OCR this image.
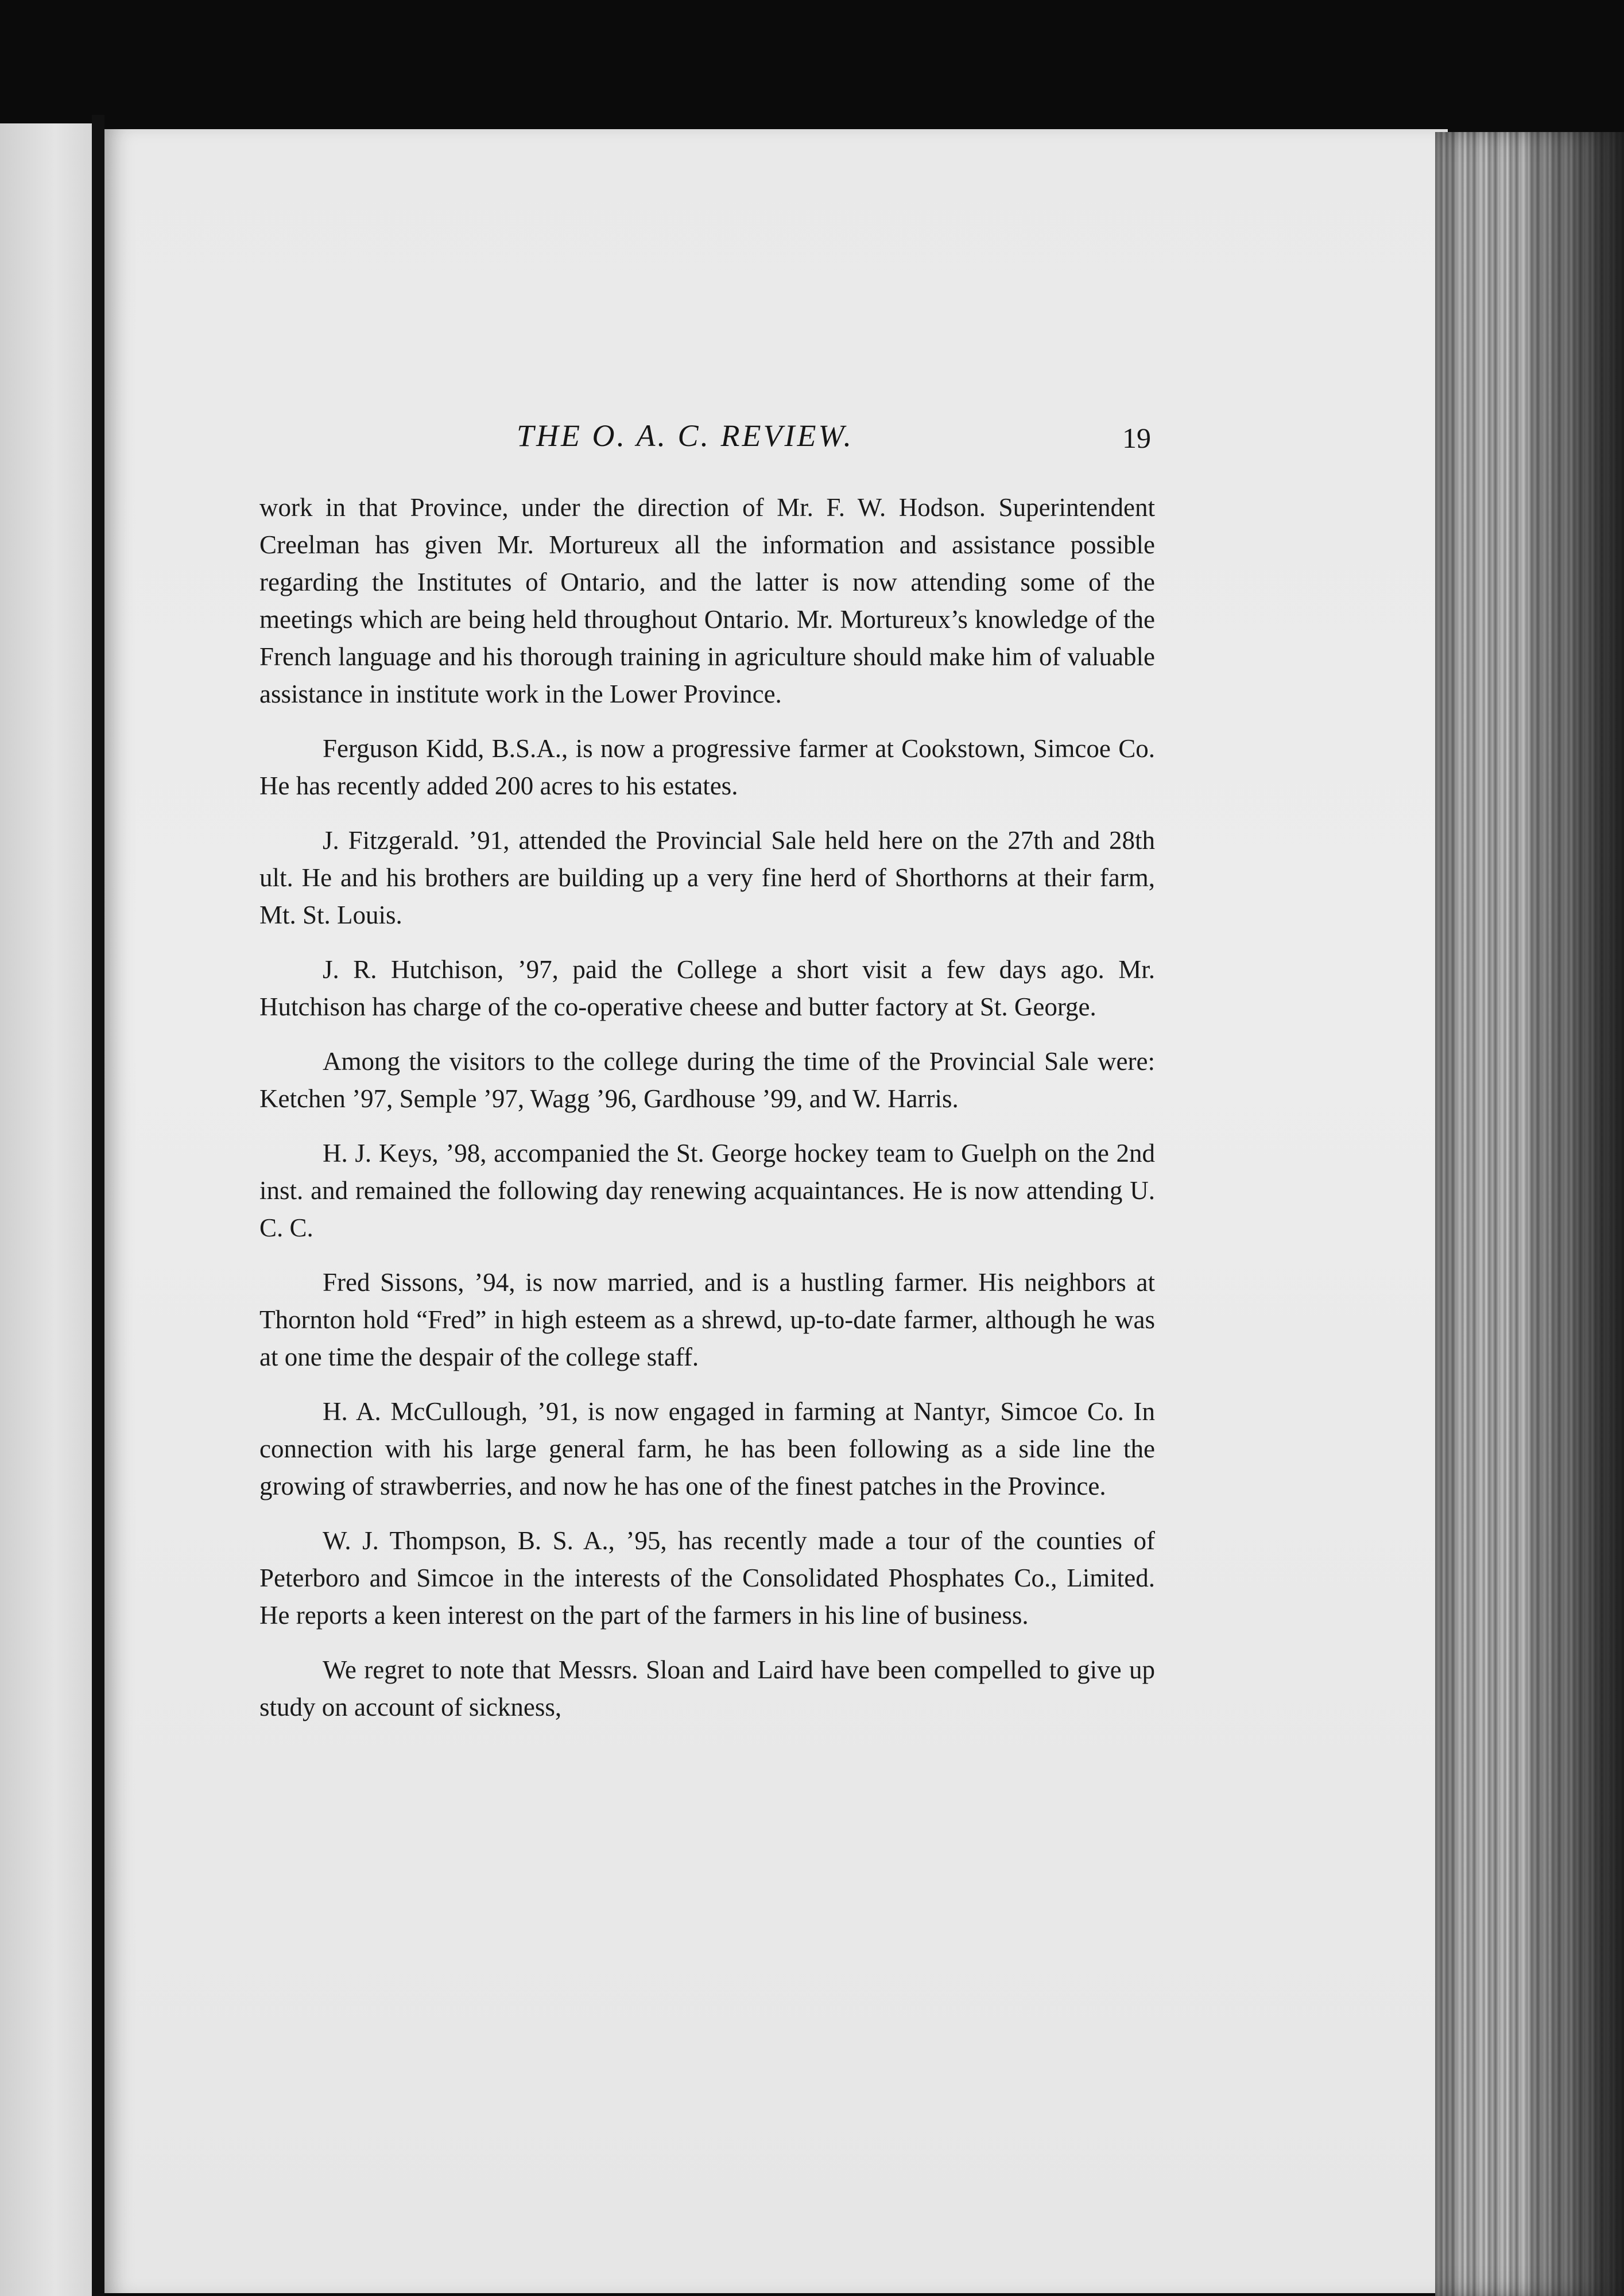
THE O. A. C. REVIEW.	19

work in that Province, under the direction of Mr. F. W. Hodson. Superintendent Creelman has given Mr. Mortureux all the information and assistance possible regarding the Institutes of Ontario, and the latter is now attending some of the meetings which are being held throughout Ontario. Mr. Mortureux’s knowledge of the French language and his thorough training in agriculture should make him of valuable assistance in institute work in the Lower Province.

Ferguson Kidd, B.S.A., is now a progressive farmer at Cookstown, Simcoe Co. He has recently added 200 acres to his estates.

J. Fitzgerald. ’91, attended the Provincial Sale held here on the 27th and 28th ult. He and his brothers are building up a very fine herd of Shorthorns at their farm, Mt. St. Louis.

J. R. Hutchison, ’97, paid the College a short visit a few days ago. Mr. Hutchison has charge of the co-operative cheese and butter factory at St. George.

Among the visitors to the college during the time of the Provincial Sale were: Ketchen ’97, Semple ’97, Wagg ’96, Gardhouse ’99, and W. Harris.

H. J. Keys, ’98, accompanied the St. George hockey team to Guelph on the 2nd inst. and remained the following day renewing acquaintances. He is now attending U. C. C.

Fred Sissons, ’94, is now married, and is a hustling farmer. His neighbors at Thornton hold “Fred” in high esteem as a shrewd, up-to-date farmer, although he was at one time the despair of the college staff.

H. A. McCullough, ’91, is now engaged in farming at Nantyr, Simcoe Co. In connection with his large general farm, he has been following as a side line the growing of strawberries, and now he has one of the finest patches in the Province.

W. J. Thompson, B. S. A., ’95, has recently made a tour of the counties of Peterboro and Simcoe in the interests of the Consolidated Phosphates Co., Limited. He reports a keen interest on the part of the farmers in his line of business.

We regret to note that Messrs. Sloan and Laird have been compelled to give up study on account of sickness,
